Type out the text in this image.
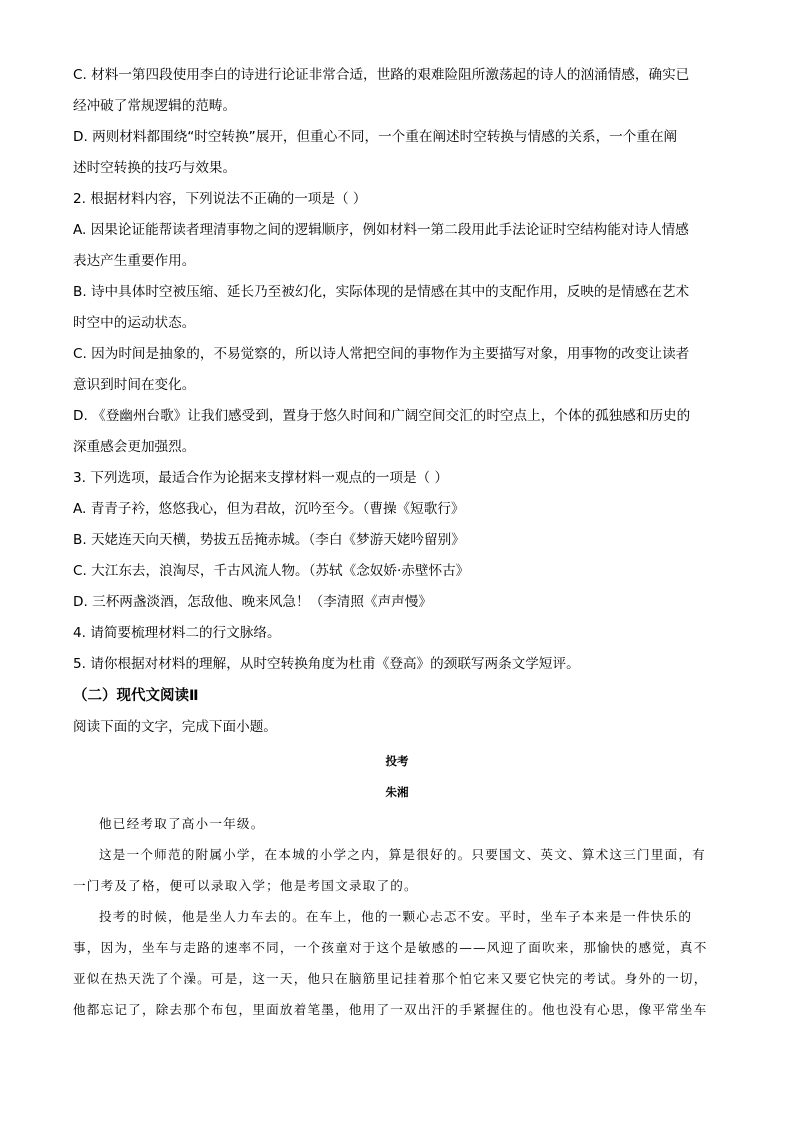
C. 材料一第四段使用李白的诗进行论证非常合适，世路的艰难险阻所激荡起的诗人的汹涌情感，确实已
经冲破了常规逻辑的范畴。
D. 两则材料都围绕“时空转换”展开，但重心不同，一个重在阐述时空转换与情感的关系，一个重在阐
述时空转换的技巧与效果。
2. 根据材料内容，下列说法不正确的一项是（ ）
A. 因果论证能帮读者理清事物之间的逻辑顺序，例如材料一第二段用此手法论证时空结构能对诗人情感
表达产生重要作用。
B. 诗中具体时空被压缩、延长乃至被幻化，实际体现的是情感在其中的支配作用，反映的是情感在艺术
时空中的运动状态。
C. 因为时间是抽象的，不易觉察的，所以诗人常把空间的事物作为主要描写对象，用事物的改变让读者
意识到时间在变化。
D. 《登幽州台歌》让我们感受到，置身于悠久时间和广阔空间交汇的时空点上，个体的孤独感和历史的
深重感会更加强烈。
3. 下列选项，最适合作为论据来支撑材料一观点的一项是（ ）
A. 青青子衿，悠悠我心，但为君故，沉吟至今。（曹操《短歌行》
B. 天姥连天向天横，势拔五岳掩赤城。（李白《梦游天姥吟留别》
C. 大江东去，浪淘尽，千古风流人物。（苏轼《念奴娇·赤壁怀古》
D. 三杯两盏淡酒，怎敌他、晚来风急！（李清照《声声慢》
4. 请简要梳理材料二的行文脉络。
5. 请你根据对材料的理解，从时空转换角度为杜甫《登高》的颈联写两条文学短评。
（二）现代文阅读Ⅱ
阅读下面的文字，完成下面小题。
投考
朱湘
他已经考取了高小一年级。
这是一个师范的附属小学，在本城的小学之内，算是很好的。只要国文、英文、算术这三门里面，有
一门考及了格，便可以录取入学；他是考国文录取了的。
投考的时候，他是坐人力车去的。在车上，他的一颗心忐忑不安。平时，坐车子本来是一件快乐的
事，因为，坐车与走路的速率不同，一个孩童对于这个是敏感的——风迎了面吹来，那愉快的感觉，真不
亚似在热天洗了个澡。可是，这一天，他只在脑筋里记挂着那个怕它来又要它快完的考试。身外的一切，
他都忘记了，除去那个布包，里面放着笔墨，他用了一双出汗的手紧握住的。他也没有心思，像平常坐车
